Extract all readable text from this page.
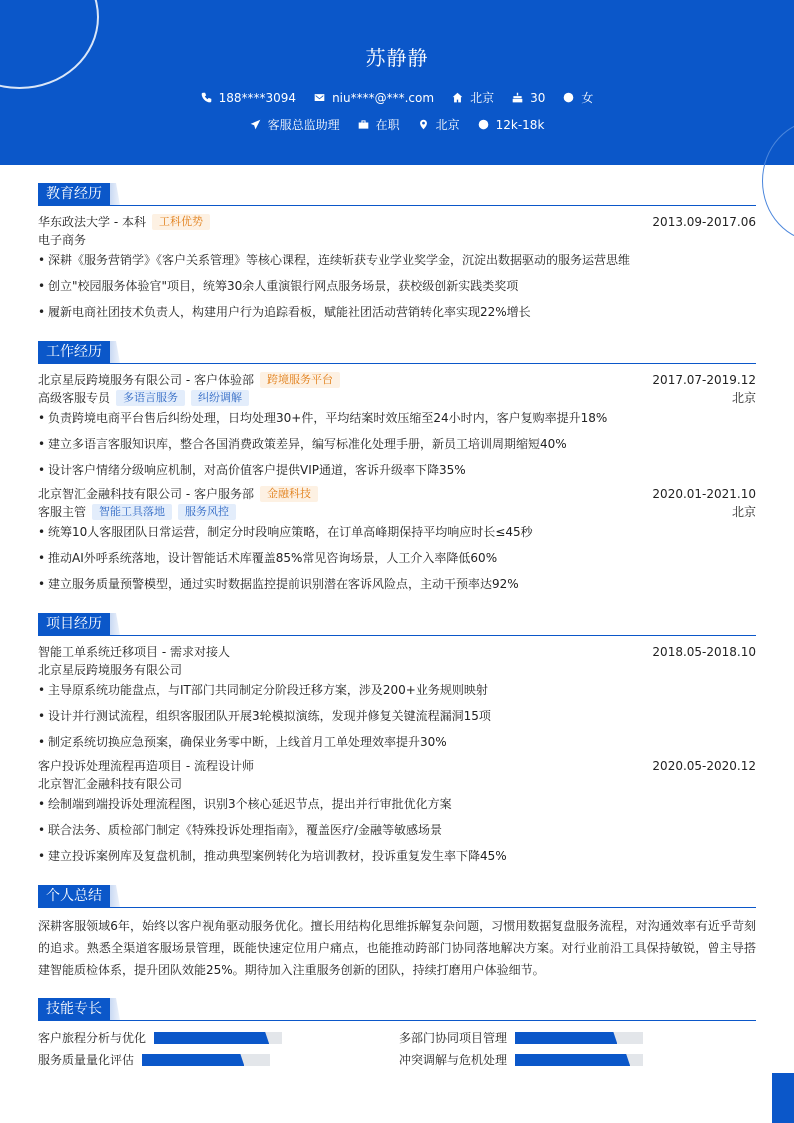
苏静静
188****3094	niu****@***.com	北京	30	女
客服总监助理	在职	北京	12k-18k
教育经历
华东政法大学 - 本科 工科优势	2013.09-2017.06
电子商务
• 深耕《服务营销学》《客户关系管理》等核心课程，连续斩获专业学业奖学金，沉淀出数据驱动的服务运营思维
• 创立"校园服务体验官"项目，统筹30余人重演银行网点服务场景，获校级创新实践类奖项
• 履新电商社团技术负责人，构建用户行为追踪看板，赋能社团活动营销转化率实现22%增长
工作经历
北京星辰跨境服务有限公司 - 客户体验部 跨境服务平台	2017.07-2019.12
高级客服专员 多语言服务 纠纷调解	北京
• 负责跨境电商平台售后纠纷处理，日均处理30+件，平均结案时效压缩至24小时内，客户复购率提升18%
• 建立多语言客服知识库，整合各国消费政策差异，编写标准化处理手册，新员工培训周期缩短40%
• 设计客户情绪分级响应机制，对高价值客户提供VIP通道，客诉升级率下降35%
北京智汇金融科技有限公司 - 客户服务部 金融科技	2020.01-2021.10
客服主管 智能工具落地 服务风控	北京
• 统筹10人客服团队日常运营，制定分时段响应策略，在订单高峰期保持平均响应时长≤45秒
• 推动AI外呼系统落地，设计智能话术库覆盖85%常见咨询场景，人工介入率降低60%
• 建立服务质量预警模型，通过实时数据监控提前识别潜在客诉风险点，主动干预率达92%
项目经历
智能工单系统迁移项目 - 需求对接人	2018.05-2018.10
北京星辰跨境服务有限公司
• 主导原系统功能盘点，与IT部门共同制定分阶段迁移方案，涉及200+业务规则映射
• 设计并行测试流程，组织客服团队开展3轮模拟演练，发现并修复关键流程漏洞15项
• 制定系统切换应急预案，确保业务零中断，上线首月工单处理效率提升30%
客户投诉处理流程再造项目 - 流程设计师	2020.05-2020.12
北京智汇金融科技有限公司
• 绘制端到端投诉处理流程图，识别3个核心延迟节点，提出并行审批优化方案
• 联合法务、质检部门制定《特殊投诉处理指南》，覆盖医疗/金融等敏感场景
• 建立投诉案例库及复盘机制，推动典型案例转化为培训教材，投诉重复发生率下降45%
个人总结
深耕客服领域6年，始终以客户视角驱动服务优化。擅长用结构化思维拆解复杂问题，习惯用数据复盘服务流程，对沟通效率有近乎苛刻的追求。熟悉全渠道客服场景管理，既能快速定位用户痛点，也能推动跨部门协同落地解决方案。对行业前沿工具保持敏锐，曾主导搭建智能质检体系，提升团队效能25%。期待加入注重服务创新的团队，持续打磨用户体验细节。
技能专长
客户旅程分析与优化	多部门协同项目管理
服务质量量化评估	冲突调解与危机处理
